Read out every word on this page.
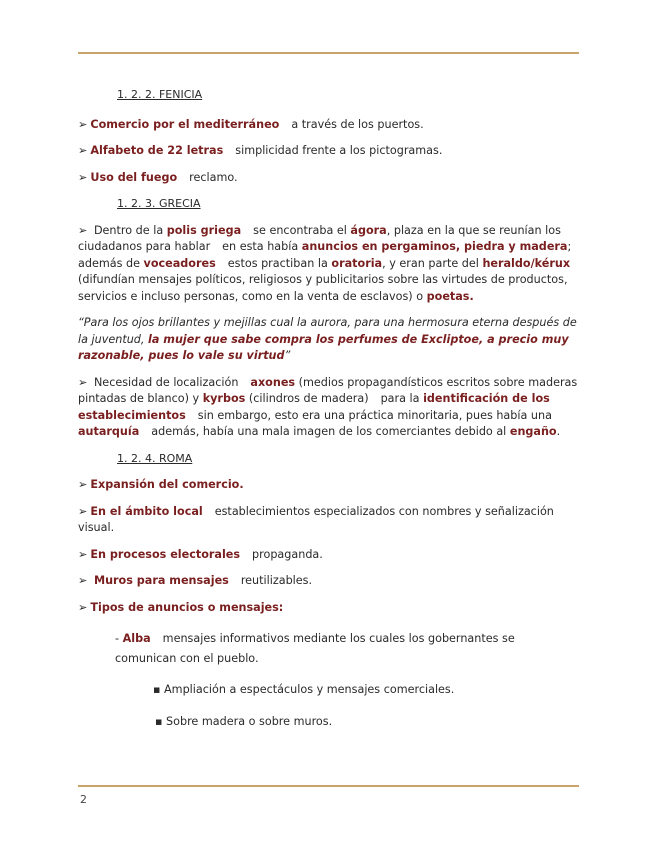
1. 2. 2. FENICIA

➢ Comercio por el mediterráneo a través de los puertos.

➢ Alfabeto de 22 letras simplicidad frente a los pictogramas.

➢ Uso del fuego reclamo.

1. 2. 3. GRECIA

➢ Dentro de la polis griega se encontraba el ágora, plaza en la que se reunían los ciudadanos para hablar en esta había anuncios en pergaminos, piedra y madera; además de voceadores estos practiban la oratoria, y eran parte del heraldo/kérux (difundían mensajes políticos, religiosos y publicitarios sobre las virtudes de productos, servicios e incluso personas, como en la venta de esclavos) o poetas.

“Para los ojos brillantes y mejillas cual la aurora, para una hermosura eterna después de la juventud, la mujer que sabe compra los perfumes de Excliptoe, a precio muy razonable, pues lo vale su virtud”

➢ Necesidad de localización axones (medios propagandísticos escritos sobre maderas pintadas de blanco) y kyrbos (cilindros de madera) para la identificación de los establecimientos sin embargo, esto era una práctica minoritaria, pues había una autarquía además, había una mala imagen de los comerciantes debido al engaño.

1. 2. 4. ROMA

➢ Expansión del comercio.

➢ En el ámbito local establecimientos especializados con nombres y señalización visual.

➢ En procesos electorales propaganda.

➢ Muros para mensajes reutilizables.

➢ Tipos de anuncios o mensajes:

- Alba mensajes informativos mediante los cuales los gobernantes se comunican con el pueblo.

▪ Ampliación a espectáculos y mensajes comerciales.

▪ Sobre madera o sobre muros.

2
